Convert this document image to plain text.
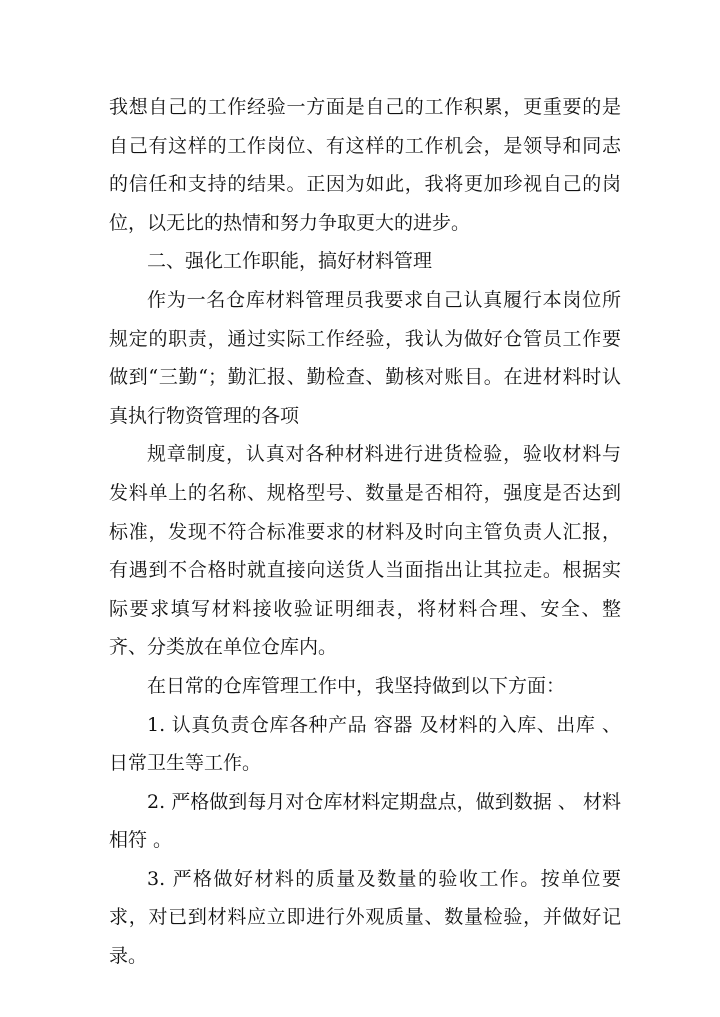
我想自己的工作经验一方面是自己的工作积累，更重要的是自己有这样的工作岗位、有这样的工作机会，是领导和同志的信任和支持的结果。正因为如此，我将更加珍视自己的岗位，以无比的热情和努力争取更大的进步。

二、强化工作职能，搞好材料管理

作为一名仓库材料管理员我要求自己认真履行本岗位所规定的职责，通过实际工作经验，我认为做好仓管员工作要做到“三勤“；勤汇报、勤检查、勤核对账目。在进材料时认真执行物资管理的各项

规章制度，认真对各种材料进行进货检验，验收材料与发料单上的名称、规格型号、数量是否相符，强度是否达到标准，发现不符合标准要求的材料及时向主管负责人汇报，有遇到不合格时就直接向送货人当面指出让其拉走。根据实际要求填写材料接收验证明细表，将材料合理、安全、整齐、分类放在单位仓库内。

在日常的仓库管理工作中，我坚持做到以下方面：

1. 认真负责仓库各种产品 容器 及材料的入库、出库 、日常卫生等工作。

2. 严格做到每月对仓库材料定期盘点，做到数据 、 材料相符 。

3. 严格做好材料的质量及数量的验收工作。按单位要求，对已到材料应立即进行外观质量、数量检验，并做好记录。
